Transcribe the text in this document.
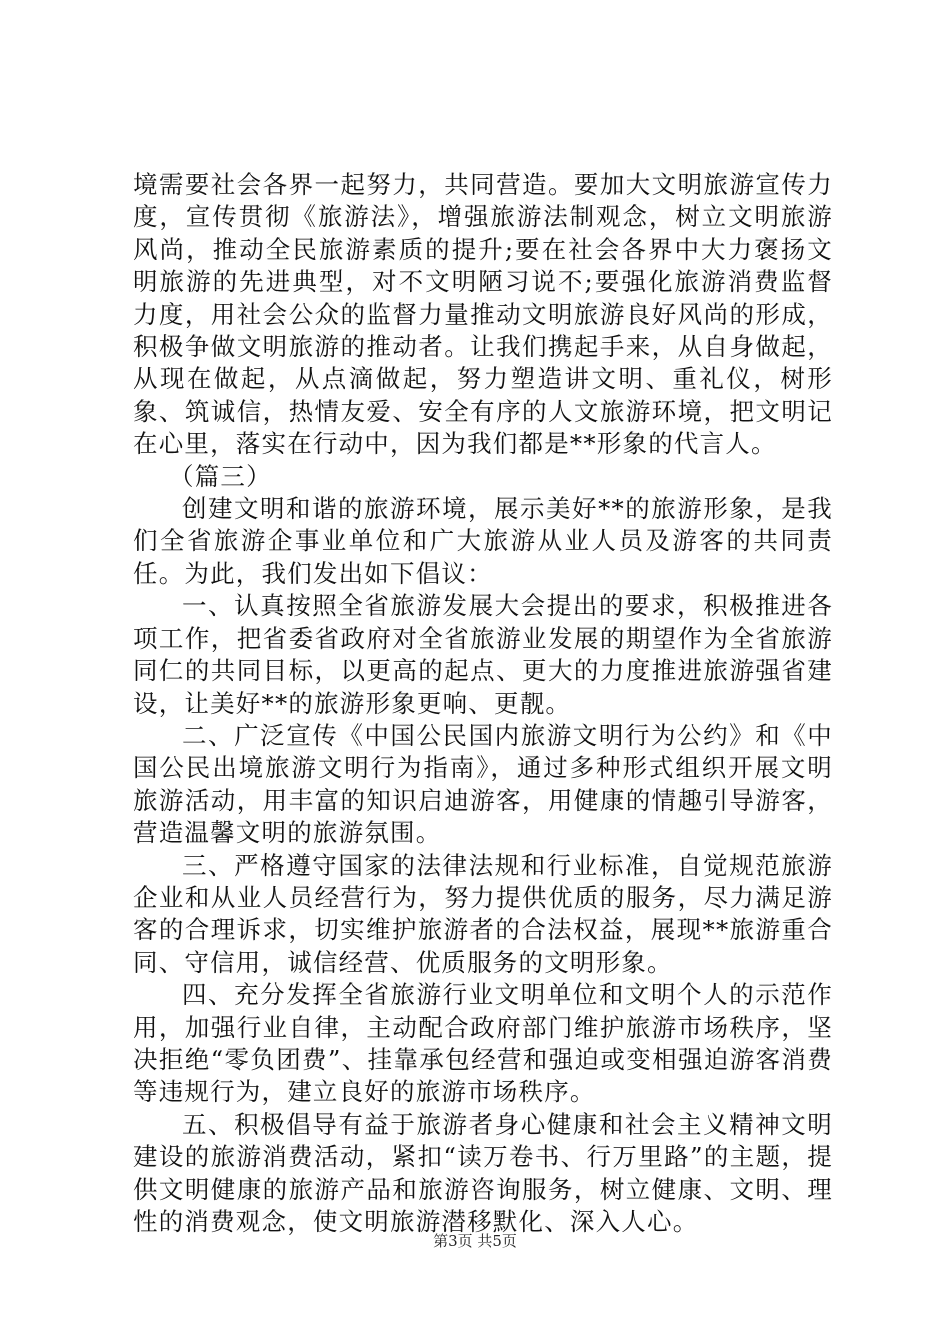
境需要社会各界一起努力，共同营造。要加大文明旅游宣传力度，宣传贯彻《旅游法》，增强旅游法制观念，树立文明旅游风尚，推动全民旅游素质的提升;要在社会各界中大力褒扬文明旅游的先进典型，对不文明陋习说不;要强化旅游消费监督力度，用社会公众的监督力量推动文明旅游良好风尚的形成，积极争做文明旅游的推动者。让我们携起手来，从自身做起，从现在做起，从点滴做起，努力塑造讲文明、重礼仪，树形象、筑诚信，热情友爱、安全有序的人文旅游环境，把文明记在心里，落实在行动中，因为我们都是**形象的代言人。

（篇三）

创建文明和谐的旅游环境，展示美好**的旅游形象，是我们全省旅游企事业单位和广大旅游从业人员及游客的共同责任。为此，我们发出如下倡议：

一、认真按照全省旅游发展大会提出的要求，积极推进各项工作，把省委省政府对全省旅游业发展的期望作为全省旅游同仁的共同目标，以更高的起点、更大的力度推进旅游强省建设，让美好**的旅游形象更响、更靓。

二、广泛宣传《中国公民国内旅游文明行为公约》和《中国公民出境旅游文明行为指南》，通过多种形式组织开展文明旅游活动，用丰富的知识启迪游客，用健康的情趣引导游客，营造温馨文明的旅游氛围。

三、严格遵守国家的法律法规和行业标准，自觉规范旅游企业和从业人员经营行为，努力提供优质的服务，尽力满足游客的合理诉求，切实维护旅游者的合法权益，展现**旅游重合同、守信用，诚信经营、优质服务的文明形象。

四、充分发挥全省旅游行业文明单位和文明个人的示范作用，加强行业自律，主动配合政府部门维护旅游市场秩序，坚决拒绝“零负团费”、挂靠承包经营和强迫或变相强迫游客消费等违规行为，建立良好的旅游市场秩序。

五、积极倡导有益于旅游者身心健康和社会主义精神文明建设的旅游消费活动，紧扣“读万卷书、行万里路”的主题，提供文明健康的旅游产品和旅游咨询服务，树立健康、文明、理性的消费观念，使文明旅游潜移默化、深入人心。

第3页 共5页
